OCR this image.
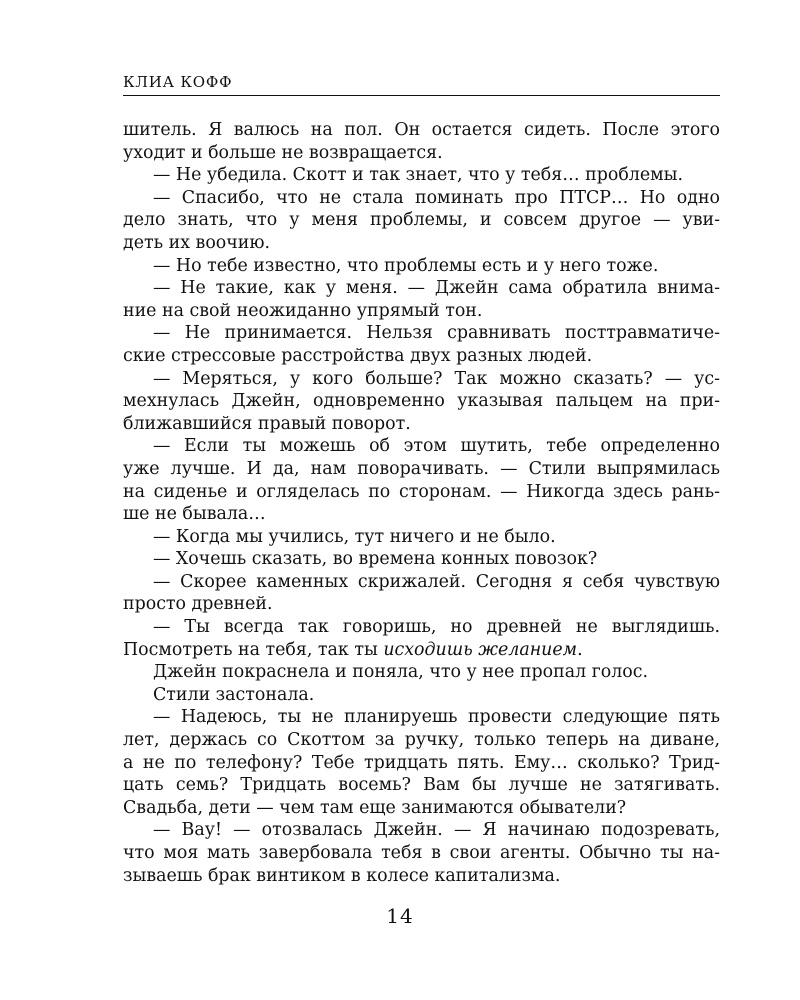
КЛИА КОФФ
шитель. Я валюсь на пол. Он остается сидеть. После этого
уходит и больше не возвращается.
— Не убедила. Скотт и так знает, что у тебя… проблемы.
— Спасибо, что не стала поминать про ПТСР… Но одно
дело знать, что у меня проблемы, и совсем другое — уви-
деть их воочию.
— Но тебе известно, что проблемы есть и у него тоже.
— Не такие, как у меня. — Джейн сама обратила внима-
ние на свой неожиданно упрямый тон.
— Не принимается. Нельзя сравнивать посттравматиче-
ские стрессовые расстройства двух разных людей.
— Меряться, у кого больше? Так можно сказать? — ус-
мехнулась Джейн, одновременно указывая пальцем на при-
ближавшийся правый поворот.
— Если ты можешь об этом шутить, тебе определенно
уже лучше. И да, нам поворачивать. — Стили выпрямилась
на сиденье и огляделась по сторонам. — Никогда здесь рань-
ше не бывала…
— Когда мы учились, тут ничего и не было.
— Хочешь сказать, во времена конных повозок?
— Скорее каменных скрижалей. Сегодня я себя чувствую
просто древней.
— Ты всегда так говоришь, но древней не выглядишь.
Посмотреть на тебя, так ты исходишь желанием.
Джейн покраснела и поняла, что у нее пропал голос.
Стили застонала.
— Надеюсь, ты не планируешь провести следующие пять
лет, держась со Скоттом за ручку, только теперь на диване,
а не по телефону? Тебе тридцать пять. Ему… сколько? Трид-
цать семь? Тридцать восемь? Вам бы лучше не затягивать.
Свадьба, дети — чем там еще занимаются обыватели?
— Вау! — отозвалась Джейн. — Я начинаю подозревать,
что моя мать завербовала тебя в свои агенты. Обычно ты на-
зываешь брак винтиком в колесе капитализма.
14
